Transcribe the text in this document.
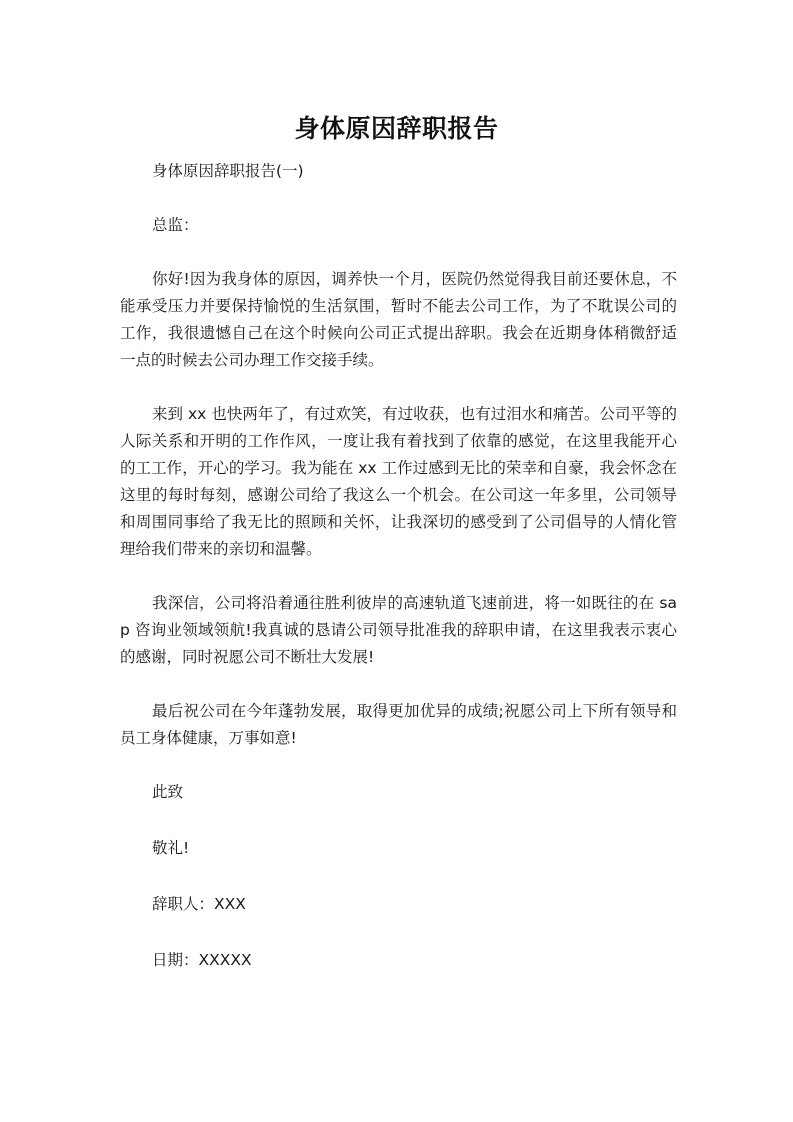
身体原因辞职报告

身体原因辞职报告(一)

总监：

你好!因为我身体的原因，调养快一个月，医院仍然觉得我目前还要休息，不能承受压力并要保持愉悦的生活氛围，暂时不能去公司工作，为了不耽误公司的工作，我很遗憾自己在这个时候向公司正式提出辞职。我会在近期身体稍微舒适一点的时候去公司办理工作交接手续。

来到 xx 也快两年了，有过欢笑，有过收获，也有过泪水和痛苦。公司平等的人际关系和开明的工作作风，一度让我有着找到了依靠的感觉，在这里我能开心的工工作，开心的学习。我为能在 xx 工作过感到无比的荣幸和自豪，我会怀念在这里的每时每刻，感谢公司给了我这么一个机会。在公司这一年多里，公司领导和周围同事给了我无比的照顾和关怀，让我深切的感受到了公司倡导的人情化管理给我们带来的亲切和温馨。

我深信，公司将沿着通往胜利彼岸的高速轨道飞速前进，将一如既往的在 sap 咨询业领域领航!我真诚的恳请公司领导批准我的辞职申请，在这里我表示衷心的感谢，同时祝愿公司不断壮大发展!

最后祝公司在今年蓬勃发展，取得更加优异的成绩;祝愿公司上下所有领导和员工身体健康，万事如意!

此致

敬礼!

辞职人：XXX

日期：XXXXX
